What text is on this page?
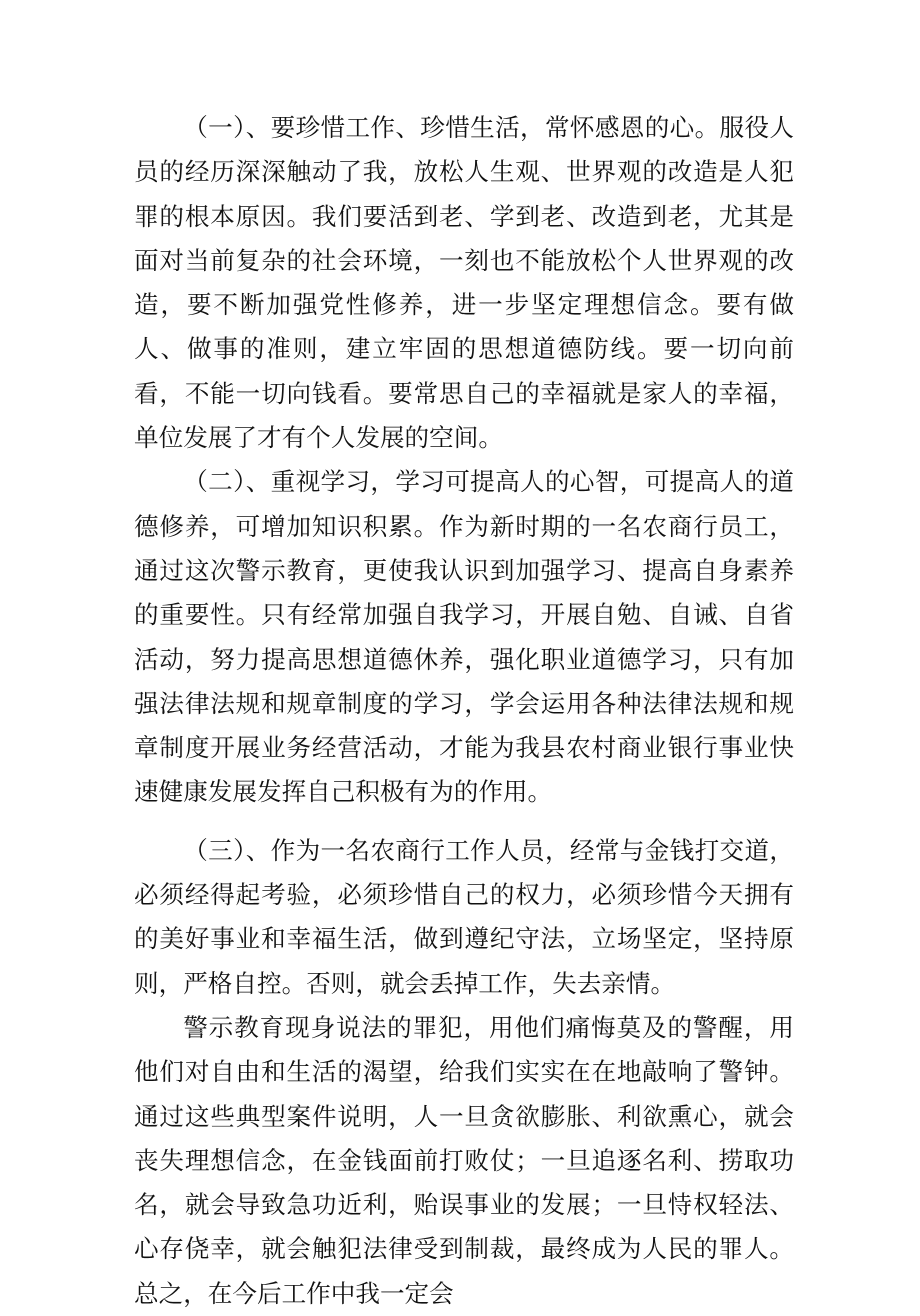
（一）、要珍惜工作、珍惜生活，常怀感恩的心。服役人员的经历深深触动了我，放松人生观、世界观的改造是人犯罪的根本原因。我们要活到老、学到老、改造到老，尤其是面对当前复杂的社会环境，一刻也不能放松个人世界观的改造，要不断加强党性修养，进一步坚定理想信念。要有做人、做事的准则，建立牢固的思想道德防线。要一切向前看，不能一切向钱看。要常思自己的幸福就是家人的幸福，单位发展了才有个人发展的空间。

（二）、重视学习，学习可提高人的心智，可提高人的道德修养，可增加知识积累。作为新时期的一名农商行员工，通过这次警示教育，更使我认识到加强学习、提高自身素养的重要性。只有经常加强自我学习，开展自勉、自诫、自省活动，努力提高思想道德休养，强化职业道德学习，只有加强法律法规和规章制度的学习，学会运用各种法律法规和规章制度开展业务经营活动，才能为我县农村商业银行事业快速健康发展发挥自己积极有为的作用。

（三）、作为一名农商行工作人员，经常与金钱打交道，必须经得起考验，必须珍惜自己的权力，必须珍惜今天拥有的美好事业和幸福生活，做到遵纪守法，立场坚定，坚持原则，严格自控。否则，就会丢掉工作，失去亲情。

警示教育现身说法的罪犯，用他们痛悔莫及的警醒，用他们对自由和生活的渴望，给我们实实在在地敲响了警钟。通过这些典型案件说明，人一旦贪欲膨胀、利欲熏心，就会丧失理想信念，在金钱面前打败仗；一旦追逐名利、捞取功名，就会导致急功近利，贻误事业的发展；一旦恃权轻法、心存侥幸，就会触犯法律受到制裁，最终成为人民的罪人。总之，在今后工作中我一定会
